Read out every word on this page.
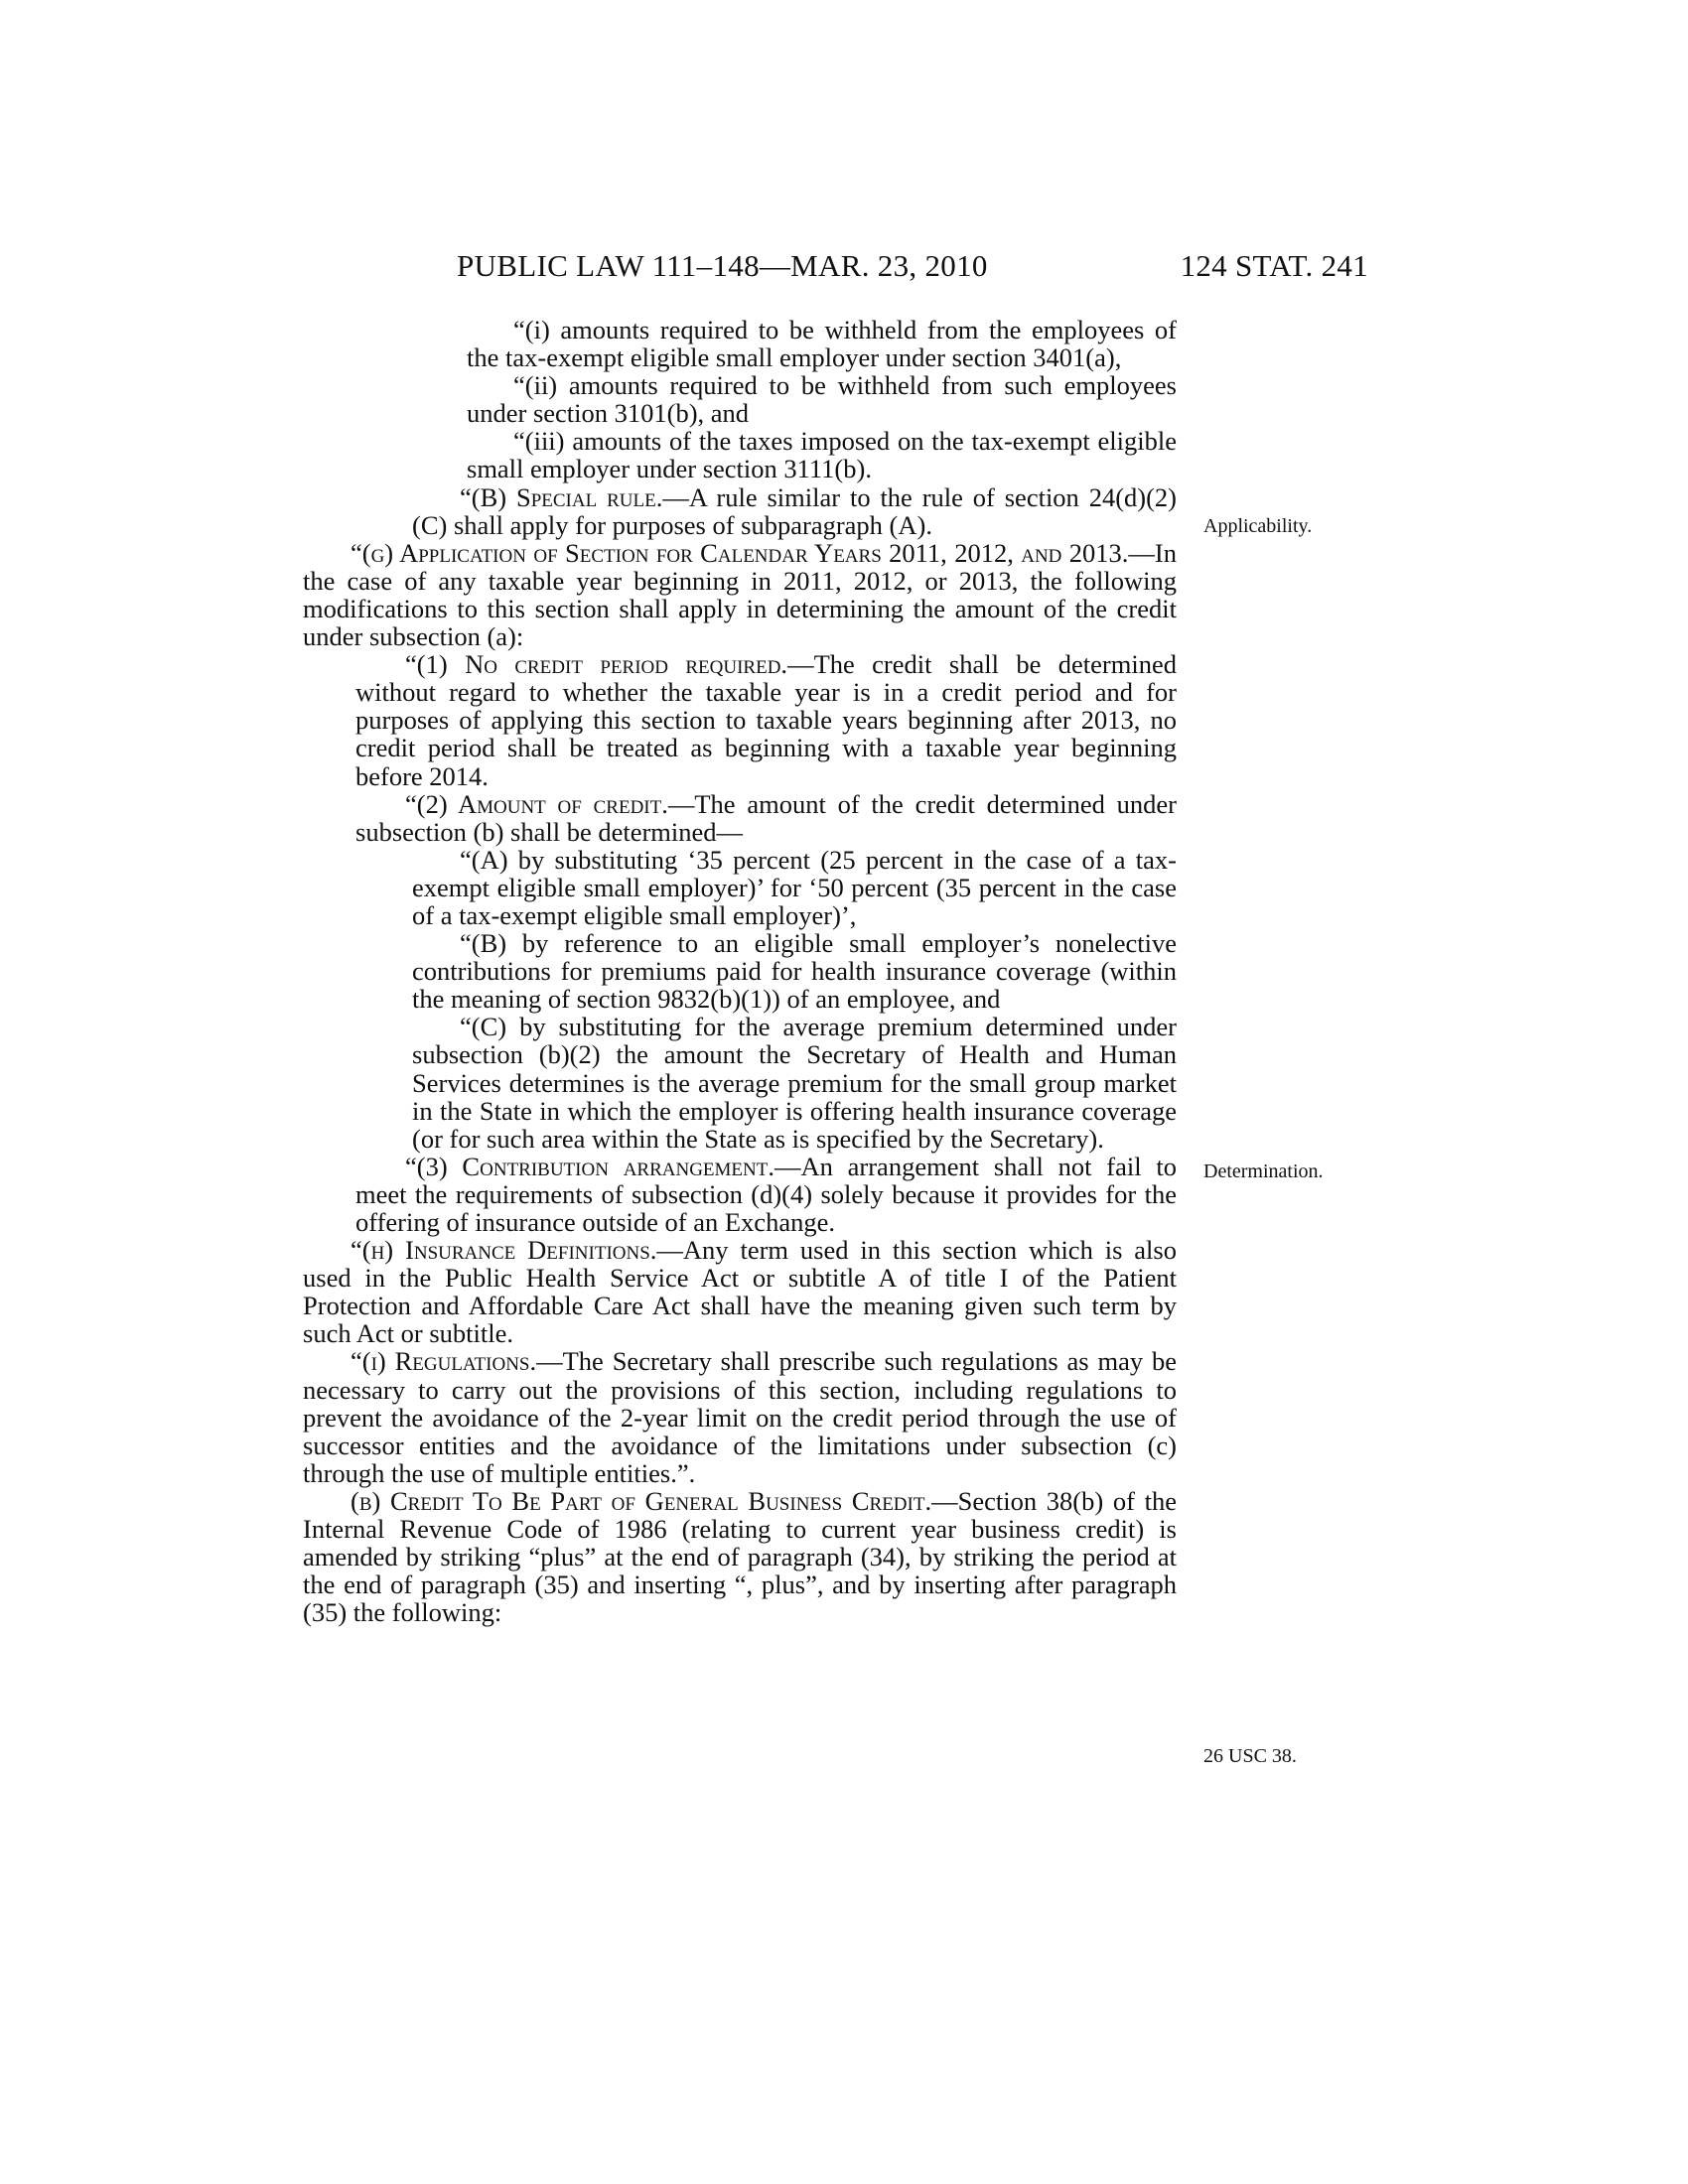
PUBLIC LAW 111–148—MAR. 23, 2010	124 STAT. 241

“(i) amounts required to be withheld from the employees of the tax-exempt eligible small employer under section 3401(a),

“(ii) amounts required to be withheld from such employees under section 3101(b), and

“(iii) amounts of the taxes imposed on the tax-exempt eligible small employer under section 3111(b).

“(B) Special rule.—A rule similar to the rule of section 24(d)(2)(C) shall apply for purposes of subparagraph (A).

“(g) Application of Section for Calendar Years 2011, 2012, and 2013.—In the case of any taxable year beginning in 2011, 2012, or 2013, the following modifications to this section shall apply in determining the amount of the credit under subsection (a):

“(1) No credit period required.—The credit shall be determined without regard to whether the taxable year is in a credit period and for purposes of applying this section to taxable years beginning after 2013, no credit period shall be treated as beginning with a taxable year beginning before 2014.

“(2) Amount of credit.—The amount of the credit determined under subsection (b) shall be determined—

“(A) by substituting ‘35 percent (25 percent in the case of a tax-exempt eligible small employer)’ for ‘50 percent (35 percent in the case of a tax-exempt eligible small employer)’,

“(B) by reference to an eligible small employer’s nonelective contributions for premiums paid for health insurance coverage (within the meaning of section 9832(b)(1)) of an employee, and

“(C) by substituting for the average premium determined under subsection (b)(2) the amount the Secretary of Health and Human Services determines is the average premium for the small group market in the State in which the employer is offering health insurance coverage (or for such area within the State as is specified by the Secretary).

“(3) Contribution arrangement.—An arrangement shall not fail to meet the requirements of subsection (d)(4) solely because it provides for the offering of insurance outside of an Exchange.

“(h) Insurance Definitions.—Any term used in this section which is also used in the Public Health Service Act or subtitle A of title I of the Patient Protection and Affordable Care Act shall have the meaning given such term by such Act or subtitle.

“(i) Regulations.—The Secretary shall prescribe such regulations as may be necessary to carry out the provisions of this section, including regulations to prevent the avoidance of the 2-year limit on the credit period through the use of successor entities and the avoidance of the limitations under subsection (c) through the use of multiple entities.”.

(b) Credit To Be Part of General Business Credit.—Section 38(b) of the Internal Revenue Code of 1986 (relating to current year business credit) is amended by striking “plus” at the end of paragraph (34), by striking the period at the end of paragraph (35) and inserting “, plus”, and by inserting after paragraph (35) the following:

Applicability.
Determination.
26 USC 38.
